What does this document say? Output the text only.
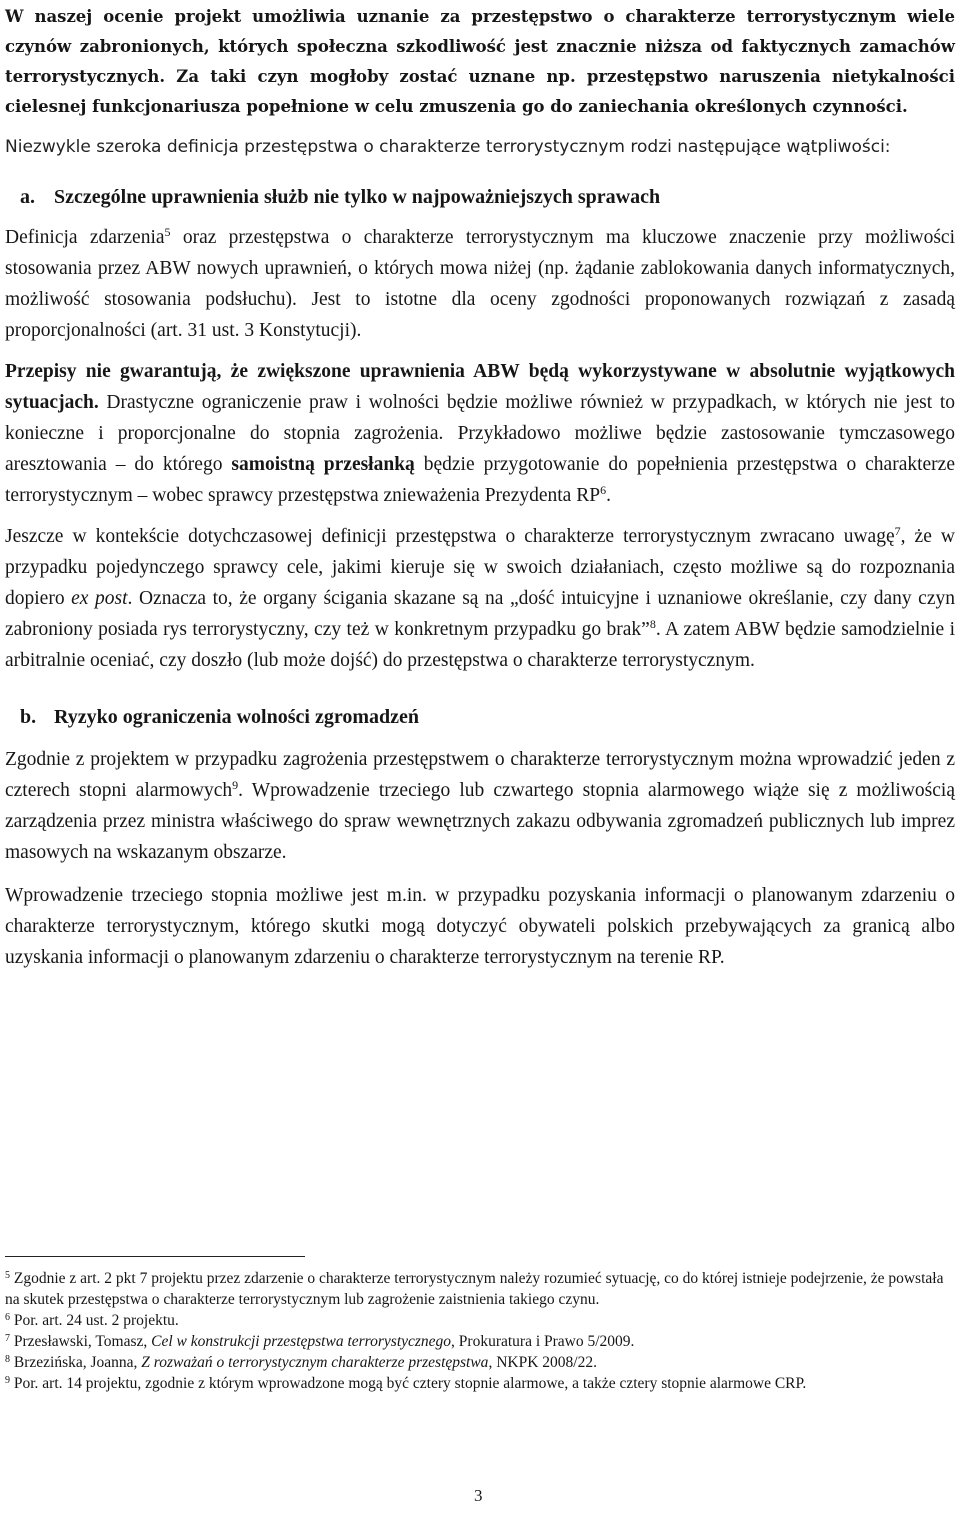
W naszej ocenie projekt umożliwia uznanie za przestępstwo o charakterze terrorystycznym wiele czynów zabronionych, których społeczna szkodliwość jest znacznie niższa od faktycznych zamachów terrorystycznych. Za taki czyn mogłoby zostać uznane np. przestępstwo naruszenia nietykalności cielesnej funkcjonariusza popełnione w celu zmuszenia go do zaniechania określonych czynności.

Niezwykle szeroka definicja przestępstwa o charakterze terrorystycznym rodzi następujące wątpliwości:

a. Szczególne uprawnienia służb nie tylko w najpoważniejszych sprawach

Definicja zdarzenia$^5$ oraz przestępstwa o charakterze terrorystycznym ma kluczowe znaczenie przy możliwości stosowania przez ABW nowych uprawnień, o których mowa niżej (np. żądanie zablokowania danych informatycznych, możliwość stosowania podsłuchu). Jest to istotne dla oceny zgodności proponowanych rozwiązań z zasadą proporcjonalności (art. 31 ust. 3 Konstytucji).

Przepisy nie gwarantują, że zwiększone uprawnienia ABW będą wykorzystywane w absolutnie wyjątkowych sytuacjach. Drastyczne ograniczenie praw i wolności będzie możliwe również w przypadkach, w których nie jest to konieczne i proporcjonalne do stopnia zagrożenia. Przykładowo możliwe będzie zastosowanie tymczasowego aresztowania – do którego samoistną przesłanką będzie przygotowanie do popełnienia przestępstwa o charakterze terrorystycznym – wobec sprawcy przestępstwa znieważenia Prezydenta $RP^6$.

Jeszcze w kontekście dotychczasowej definicji przestępstwa o charakterze terrorystycznym zwracano uwagę$^7$, że w przypadku pojedynczego sprawcy cele, jakimi kieruje się w swoich działaniach, często możliwe są do rozpoznania dopiero ex post. Oznacza to, że organy ścigania skazane są na „dość intuicyjne i uznaniowe określanie, czy dany czyn zabroniony posiada rys terrorystyczny, czy też w konkretnym przypadku go brak”$^8$. A zatem ABW będzie samodzielnie i arbitralnie oceniać, czy doszło (lub może dojść) do przestępstwa o charakterze terrorystycznym.

b. Ryzyko ograniczenia wolności zgromadzeń

Zgodnie z projektem w przypadku zagrożenia przestępstwem o charakterze terrorystycznym można wprowadzić jeden z czterech stopni alarmowych$^9$. Wprowadzenie trzeciego lub czwartego stopnia alarmowego wiąże się z możliwością zarządzenia przez ministra właściwego do spraw wewnętrznych zakazu odbywania zgromadzeń publicznych lub imprez masowych na wskazanym obszarze.

Wprowadzenie trzeciego stopnia możliwe jest m.in. w przypadku pozyskania informacji o planowanym zdarzeniu o charakterze terrorystycznym, którego skutki mogą dotyczyć obywateli polskich przebywających za granicą albo uzyskania informacji o planowanym zdarzeniu o charakterze terrorystycznym na terenie RP.

$^5$ Zgodnie z art. 2 pkt 7 projektu przez zdarzenie o charakterze terrorystycznym należy rozumieć sytuację, co do której istnieje podejrzenie, że powstała na skutek przestępstwa o charakterze terrorystycznym lub zagrożenie zaistnienia takiego czynu.

$^6$ Por. art. 24 ust. 2 projektu.

$^7$ Przesławski, Tomasz, Cel w konstrukcji przestępstwa terrorystycznego, Prokuratura i Prawo 5/2009.

$^8$ Brzezińska, Joanna, Z rozważań o terrorystycznym charakterze przestępstwa, NKPK 2008/22.

$^9$ Por. art. 14 projektu, zgodnie z którym wprowadzone mogą być cztery stopnie alarmowe, a także cztery stopnie alarmowe CRP.

3
